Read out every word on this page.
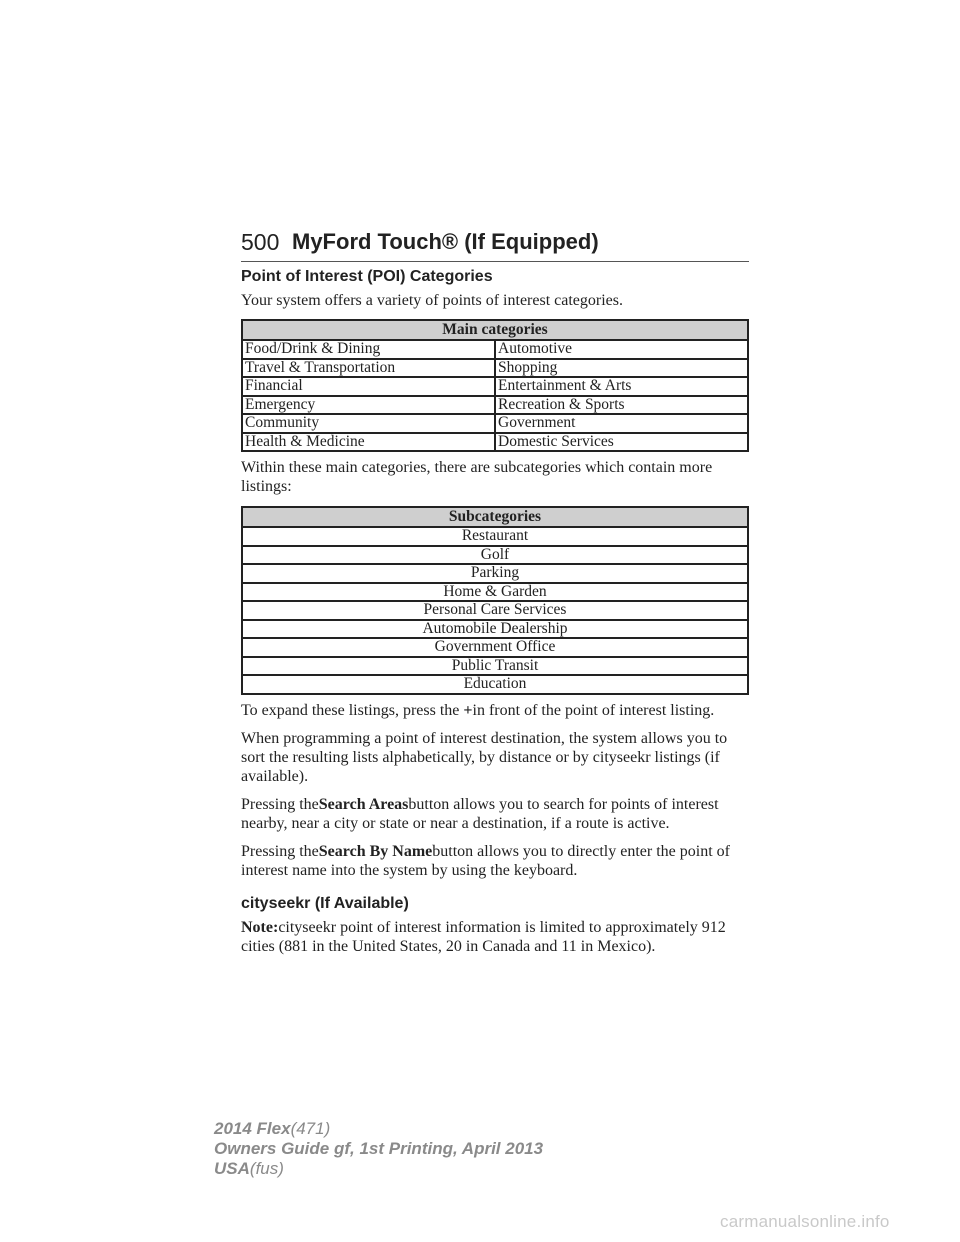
500 MyFord Touch® (If Equipped)
Point of Interest (POI) Categories

Your system offers a variety of points of interest categories.

Main categories	
Food/Drink & Dining	Automotive
Travel & Transportation	Shopping
Financial	Entertainment & Arts
Emergency	Recreation & Sports
Community	Government
Health & Medicine	Domestic Services

Within these main categories, there are subcategories which contain more listings:

Subcategories
Restaurant
Golf
Parking
Home & Garden
Personal Care Services
Automobile Dealership
Government Office
Public Transit
Education

To expand these listings, press the +in front of the point of interest listing.

When programming a point of interest destination, the system allows you to sort the resulting lists alphabetically, by distance or by cityseekr listings (if available).

Pressing theSearch Areasbutton allows you to search for points of interest nearby, near a city or state or near a destination, if a route is active.

Pressing theSearch By Namebutton allows you to directly enter the point of interest name into the system by using the keyboard.

cityseekr (If Available)

Note:cityseekr point of interest information is limited to approximately 912 cities (881 in the United States, 20 in Canada and 11 in Mexico).

2014 Flex(471)
Owners Guide gf, 1st Printing, April 2013
USA(fus)
carmanualsonline.info
